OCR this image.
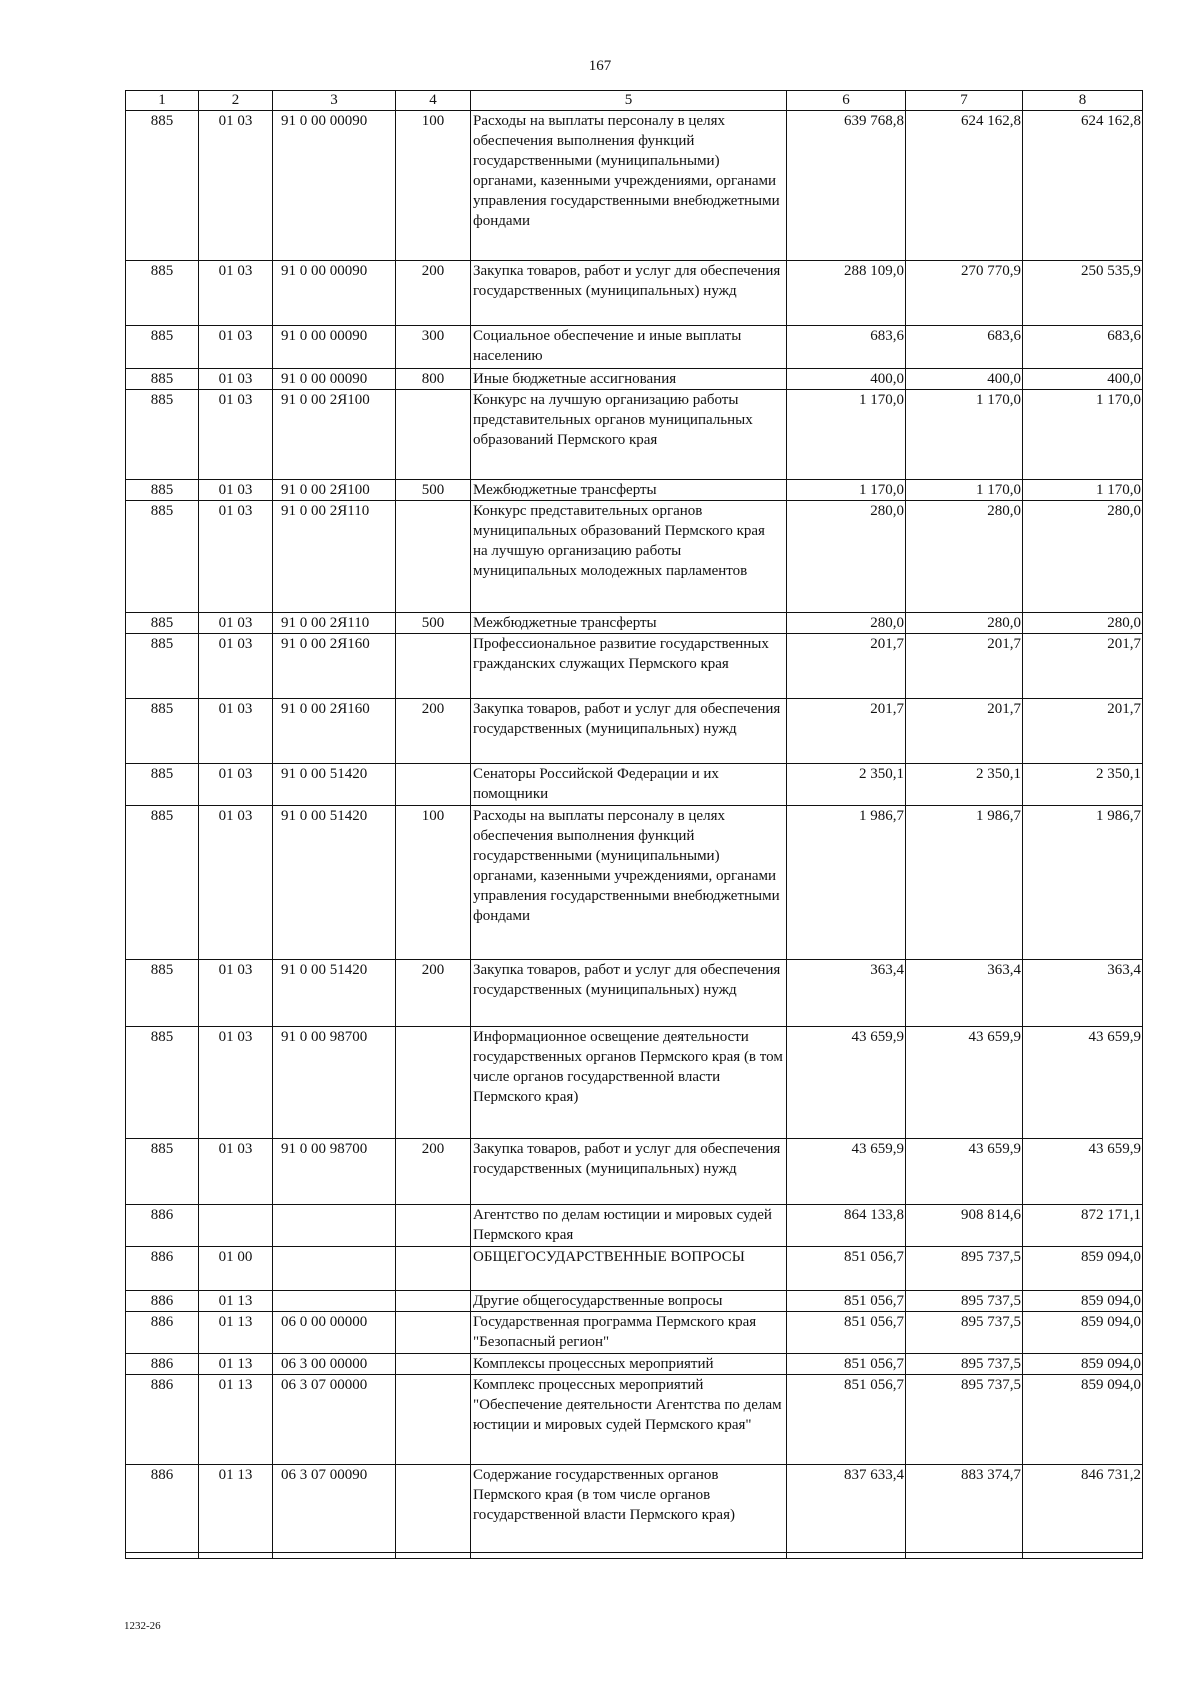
167
1	2	3	4	5	6	7	8
885	01 03	91 0 00 00090	100	Расходы на выплаты персоналу в целях обеспечения выполнения функций государственными (муниципальными) органами, казенными учреждениями, органами управления государственными внебюджетными фондами	639 768,8	624 162,8	624 162,8
885	01 03	91 0 00 00090	200	Закупка товаров, работ и услуг для обеспечения государственных (муниципальных) нужд	288 109,0	270 770,9	250 535,9
885	01 03	91 0 00 00090	300	Социальное обеспечение и иные выплаты населению	683,6	683,6	683,6
885	01 03	91 0 00 00090	800	Иные бюджетные ассигнования	400,0	400,0	400,0
885	01 03	91 0 00 2Я100		Конкурс на лучшую организацию работы представительных органов муниципальных образований Пермского края	1 170,0	1 170,0	1 170,0
885	01 03	91 0 00 2Я100	500	Межбюджетные трансферты	1 170,0	1 170,0	1 170,0
885	01 03	91 0 00 2Я110		Конкурс представительных органов муниципальных образований Пермского края на лучшую организацию работы муниципальных молодежных парламентов	280,0	280,0	280,0
885	01 03	91 0 00 2Я110	500	Межбюджетные трансферты	280,0	280,0	280,0
885	01 03	91 0 00 2Я160		Профессиональное развитие государственных гражданских служащих Пермского края	201,7	201,7	201,7
885	01 03	91 0 00 2Я160	200	Закупка товаров, работ и услуг для обеспечения государственных (муниципальных) нужд	201,7	201,7	201,7
885	01 03	91 0 00 51420		Сенаторы Российской Федерации и их помощники	2 350,1	2 350,1	2 350,1
885	01 03	91 0 00 51420	100	Расходы на выплаты персоналу в целях обеспечения выполнения функций государственными (муниципальными) органами, казенными учреждениями, органами управления государственными внебюджетными фондами	1 986,7	1 986,7	1 986,7
885	01 03	91 0 00 51420	200	Закупка товаров, работ и услуг для обеспечения государственных (муниципальных) нужд	363,4	363,4	363,4
885	01 03	91 0 00 98700		Информационное освещение деятельности государственных органов Пермского края (в том числе органов государственной власти Пермского края)	43 659,9	43 659,9	43 659,9
885	01 03	91 0 00 98700	200	Закупка товаров, работ и услуг для обеспечения государственных (муниципальных) нужд	43 659,9	43 659,9	43 659,9
886				Агентство по делам юстиции и мировых судей Пермского края	864 133,8	908 814,6	872 171,1
886	01 00			ОБЩЕГОСУДАРСТВЕННЫЕ ВОПРОСЫ	851 056,7	895 737,5	859 094,0
886	01 13			Другие общегосударственные вопросы	851 056,7	895 737,5	859 094,0
886	01 13	06 0 00 00000		Государственная программа Пермского края "Безопасный регион"	851 056,7	895 737,5	859 094,0
886	01 13	06 3 00 00000		Комплексы процессных мероприятий	851 056,7	895 737,5	859 094,0
886	01 13	06 3 07 00000		Комплекс процессных мероприятий "Обеспечение деятельности Агентства по делам юстиции и мировых судей Пермского края"	851 056,7	895 737,5	859 094,0
886	01 13	06 3 07 00090		Содержание государственных органов Пермского края (в том числе органов государственной власти Пермского края)	837 633,4	883 374,7	846 731,2

1232-26
